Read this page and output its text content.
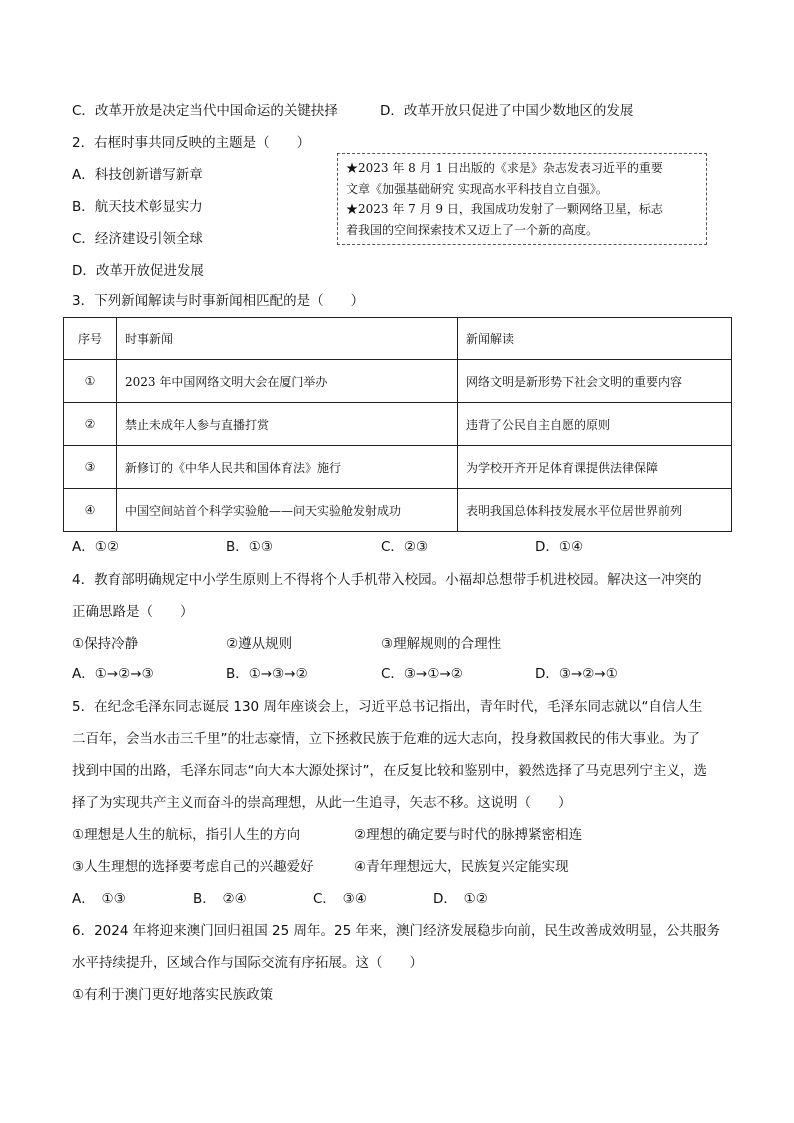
C．改革开放是决定当代中国命运的关键抉择	D．改革开放只促进了中国少数地区的发展
2．右框时事共同反映的主题是（　　）
A．科技创新谱写新章
B．航天技术彰显实力
C．经济建设引领全球
D．改革开放促进发展
★2023 年 8 月 1 日出版的《求是》杂志发表习近平的重要
文章《加强基础研究 实现高水平科技自立自强》。
★2023 年 7 月 9 日，我国成功发射了一颗网络卫星，标志
着我国的空间探索技术又迈上了一个新的高度。
3．下列新闻解读与时事新闻相匹配的是（　　）
序号	时事新闻	新闻解读
①	2023 年中国网络文明大会在厦门举办	网络文明是新形势下社会文明的重要内容
②	禁止未成年人参与直播打赏	违背了公民自主自愿的原则
③	新修订的《中华人民共和国体育法》施行	为学校开齐开足体育课提供法律保障
④	中国空间站首个科学实验舱——问天实验舱发射成功	表明我国总体科技发展水平位居世界前列
A．①②	B．①③	C．②③	D．①④
4．教育部明确规定中小学生原则上不得将个人手机带入校园。小福却总想带手机进校园。解决这一冲突的
正确思路是（　　）
①保持冷静	②遵从规则	③理解规则的合理性
A．①→②→③	B．①→③→②	C．③→①→②	D．③→②→①
5．在纪念毛泽东同志诞辰 130 周年座谈会上，习近平总书记指出，青年时代，毛泽东同志就以“自信人生
二百年，会当水击三千里”的壮志豪情，立下拯救民族于危难的远大志向，投身救国救民的伟大事业。为了
找到中国的出路，毛泽东同志“向大本大源处探讨”，在反复比较和鉴别中，毅然选择了马克思列宁主义，选
择了为实现共产主义而奋斗的崇高理想，从此一生追寻，矢志不移。这说明（　　）
①理想是人生的航标，指引人生的方向	②理想的确定要与时代的脉搏紧密相连
③人生理想的选择要考虑自己的兴趣爱好	④青年理想远大，民族复兴定能实现
A．　①③	B．　②④	C．　③④	D．　①②
6．2024 年将迎来澳门回归祖国 25 周年。25 年来，澳门经济发展稳步向前，民生改善成效明显，公共服务
水平持续提升，区域合作与国际交流有序拓展。这（　　）
①有利于澳门更好地落实民族政策
